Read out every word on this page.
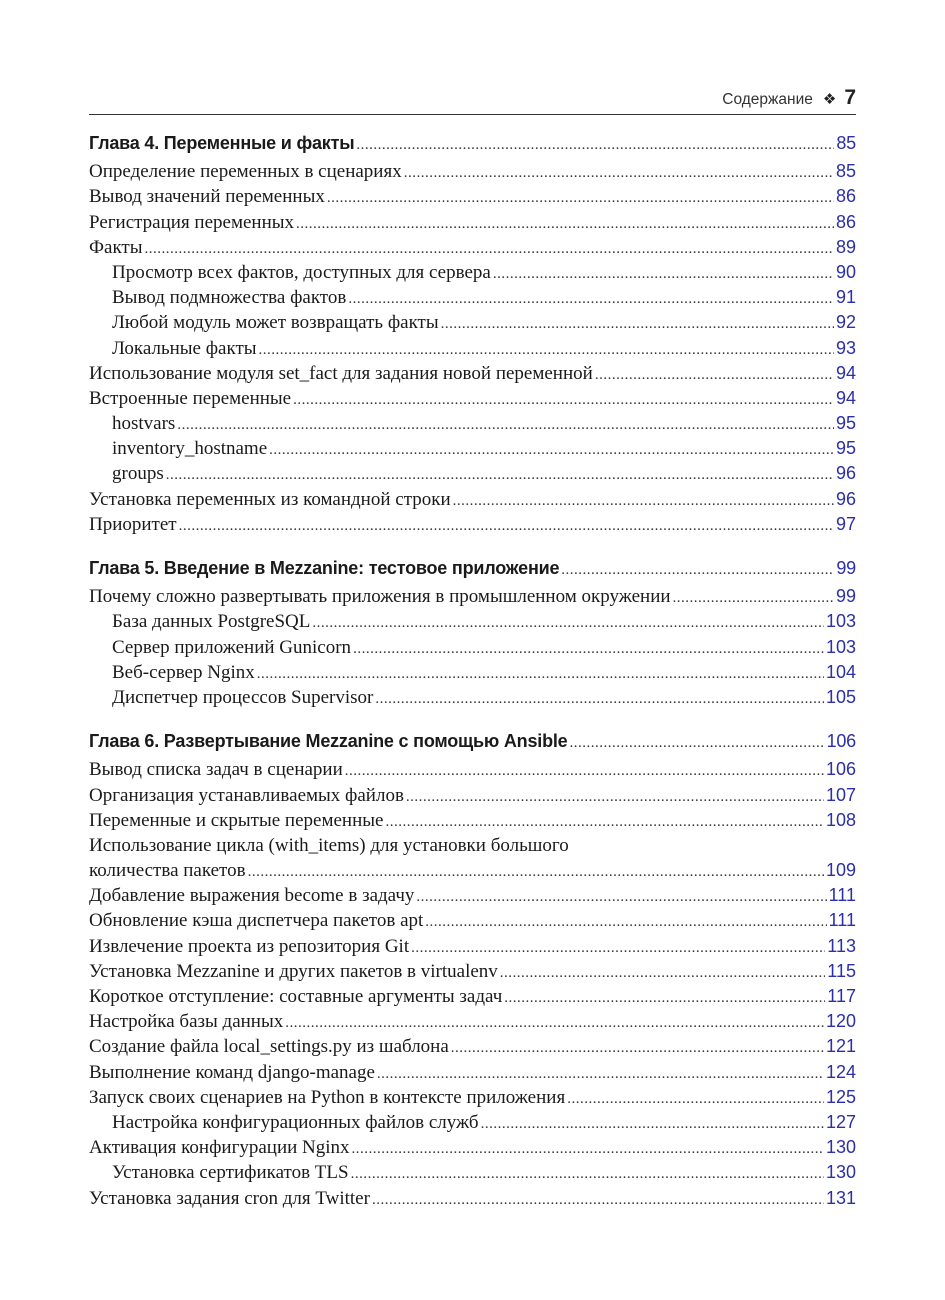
Содержание ❖ 7
Глава 4. Переменные и факты .....	85
Определение переменных в сценариях .....	85
Вывод значений переменных .....	86
Регистрация переменных .....	86
Факты .....	89
Просмотр всех фактов, доступных для сервера .....	90
Вывод подмножества фактов .....	91
Любой модуль может возвращать факты .....	92
Локальные факты .....	93
Использование модуля set_fact для задания новой переменной .....	94
Встроенные переменные .....	94
hostvars .....	95
inventory_hostname .....	95
groups .....	96
Установка переменных из командной строки .....	96
Приоритет .....	97
Глава 5. Введение в Mezzanine: тестовое приложение .....	99
Почему сложно развертывать приложения в промышленном окружении .....	99
База данных PostgreSQL .....	103
Сервер приложений Gunicorn .....	103
Веб-сервер Nginx .....	104
Диспетчер процессов Supervisor .....	105
Глава 6. Развертывание Mezzanine с помощью Ansible .....	106
Вывод списка задач в сценарии .....	106
Организация устанавливаемых файлов .....	107
Переменные и скрытые переменные .....	108
Использование цикла (with_items) для установки большого
количества пакетов .....	109
Добавление выражения become в задачу .....	111
Обновление кэша диспетчера пакетов apt .....	111
Извлечение проекта из репозитория Git .....	113
Установка Mezzanine и других пакетов в virtualenv .....	115
Короткое отступление: составные аргументы задач .....	117
Настройка базы данных .....	120
Создание файла local_settings.py из шаблона .....	121
Выполнение команд django-manage .....	124
Запуск своих сценариев на Python в контексте приложения .....	125
Настройка конфигурационных файлов служб .....	127
Активация конфигурации Nginx .....	130
Установка сертификатов TLS .....	130
Установка задания cron для Twitter .....	131
